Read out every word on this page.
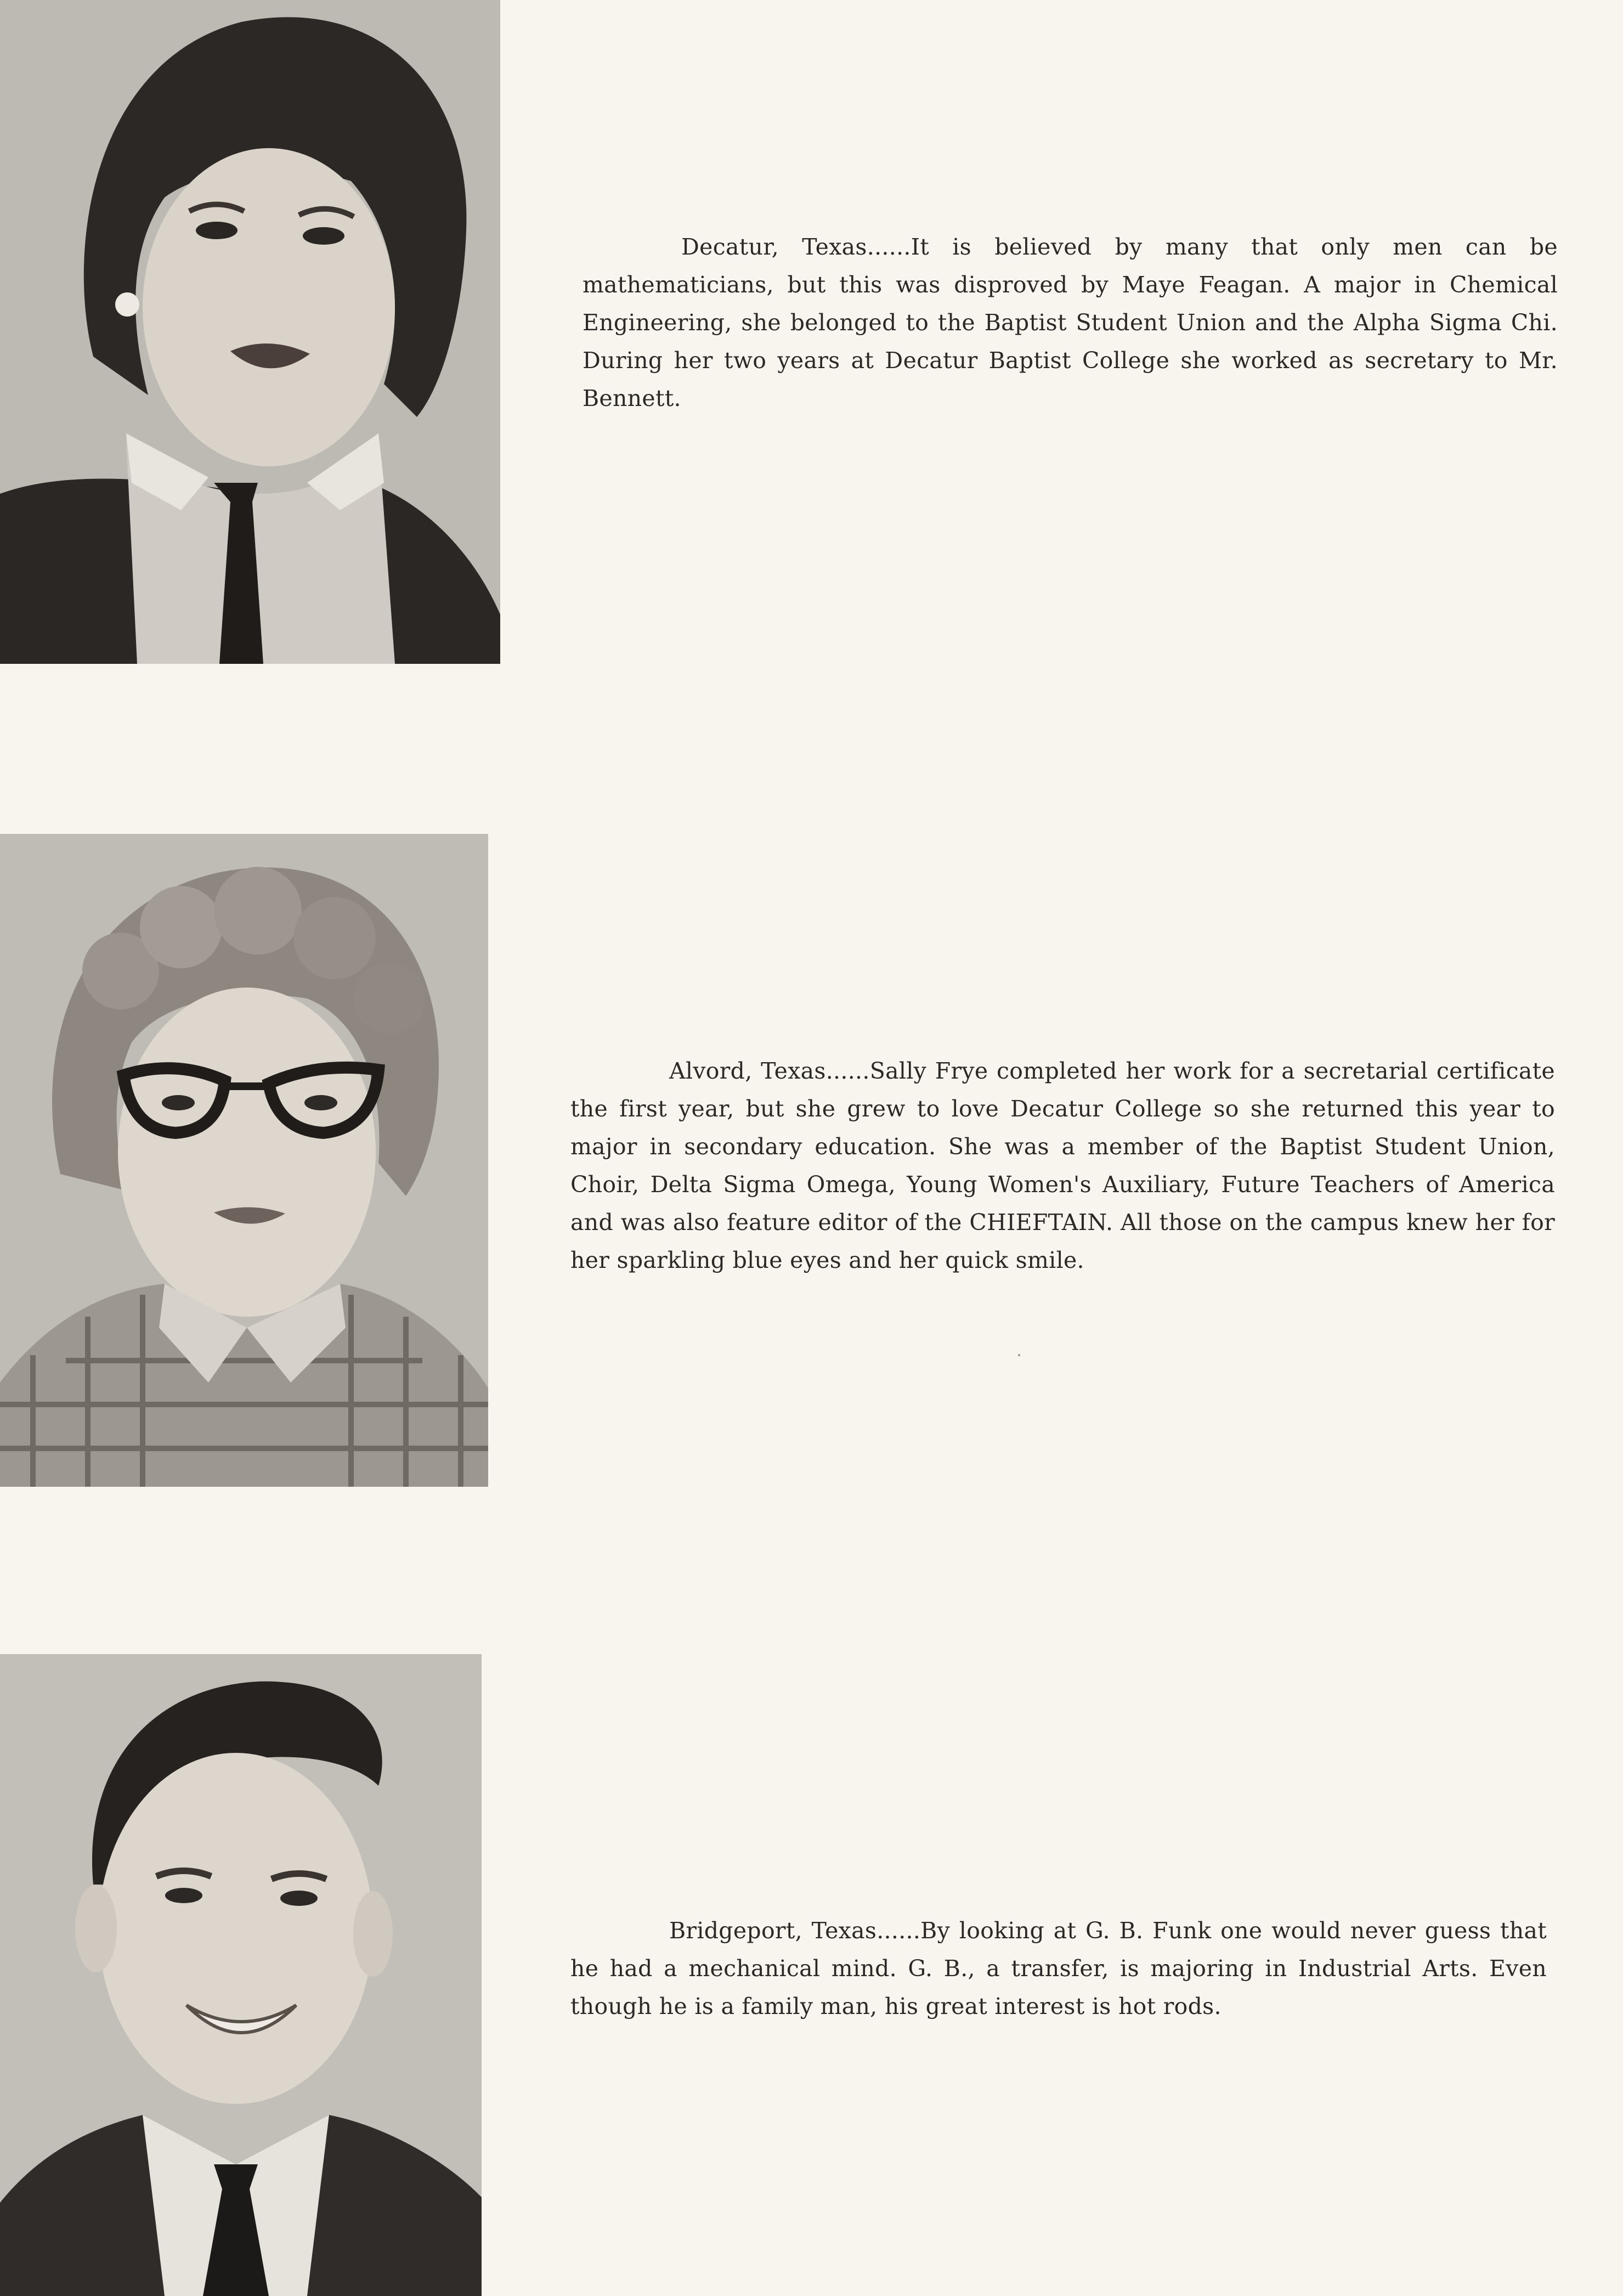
Decatur, Texas......It is believed by many that only men can be mathematicians, but this was disproved by Maye Feagan. A major in Chemical Engineering, she belonged to the Baptist Student Union and the Alpha Sigma Chi. During her two years at Decatur Baptist College she worked as secretary to Mr. Bennett.

Alvord, Texas......Sally Frye completed her work for a secretarial certificate the first year, but she grew to love Decatur College so she returned this year to major in secondary education. She was a member of the Baptist Student Union, Choir, Delta Sigma Omega, Young Women's Auxiliary, Future Teachers of America and was also feature editor of the CHIEFTAIN. All those on the campus knew her for her sparkling blue eyes and her quick smile.

Bridgeport, Texas......By looking at G. B. Funk one would never guess that he had a mechanical mind. G. B., a transfer, is majoring in Industrial Arts. Even though he is a family man, his great interest is hot rods.
